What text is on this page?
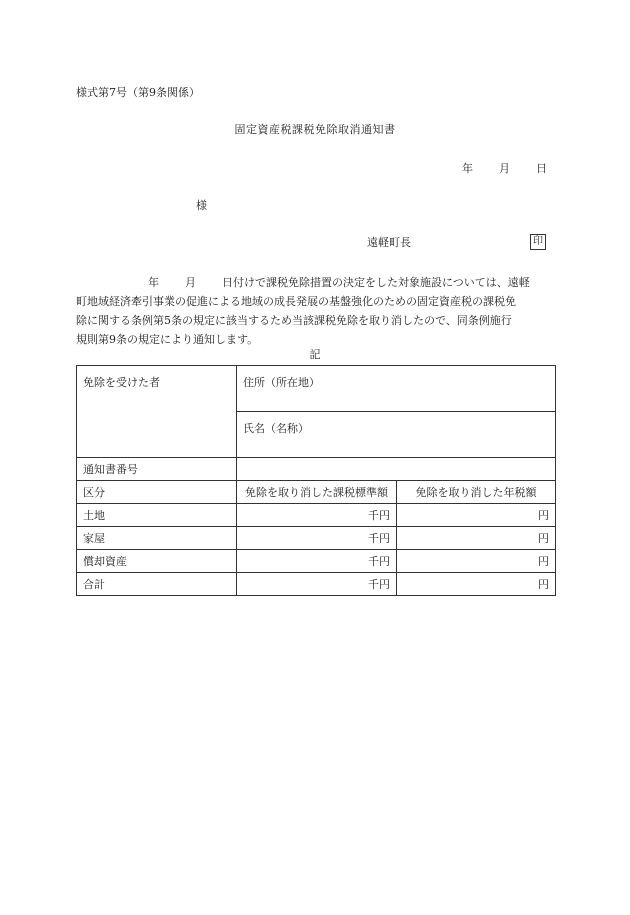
様式第7号（第9条関係）
固定資産税課税免除取消通知書
年 月 日
様
遠軽町長	印
年 月 日付けで課税免除措置の決定をした対象施設については、遠軽
町地域経済牽引事業の促進による地域の成長発展の基盤強化のための固定資産税の課税免
除に関する条例第5条の規定に該当するため当該課税免除を取り消したので、同条例施行
規則第9条の規定により通知します。
記
免除を受けた者	住所（所在地）	
	氏名（名称）	
通知書番号		
区分	免除を取り消した課税標準額	免除を取り消した年税額
土地	千円	円
家屋	千円	円
償却資産	千円	円
合計	千円	円
